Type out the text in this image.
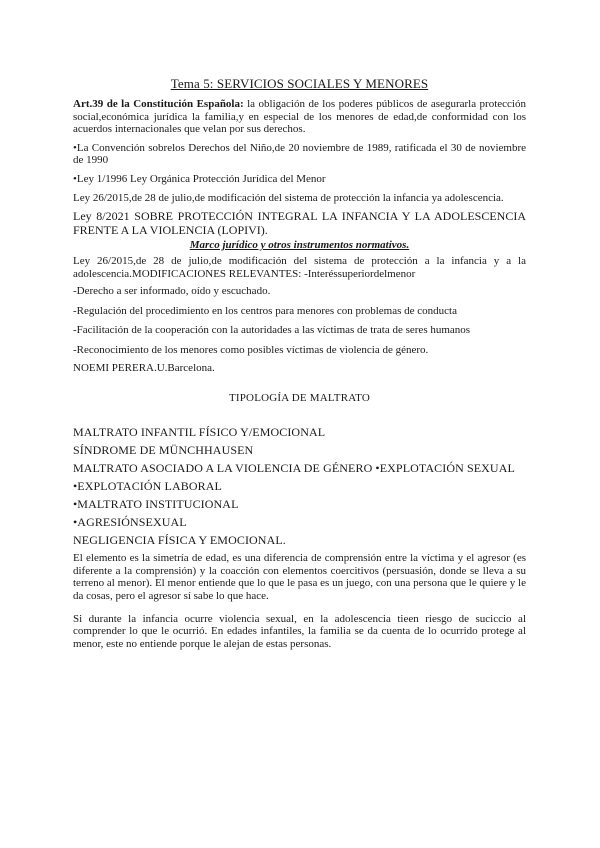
Tema 5: SERVICIOS SOCIALES Y MENORES

Art.39 de la Constitución Española: la obligación de los poderes públicos de asegurarla protección social,económica jurídica la familia,y en especial de los menores de edad,de conformidad con los acuerdos internacionales que velan por sus derechos.

•La Convención sobrelos Derechos del Niño,de 20 noviembre de 1989, ratificada el 30 de noviembre de 1990

•Ley 1/1996 Ley Orgánica Protección Jurídica del Menor

Ley 26/2015,de 28 de julio,de modificación del sistema de protección la infancia ya adolescencia.

Ley 8/2021 SOBRE PROTECCIÓN INTEGRAL LA INFANCIA Y LA ADOLESCENCIA FRENTE A LA VIOLENCIA (LOPIVI).

Marco jurídico y otros instrumentos normativos.

Ley 26/2015,de 28 de julio,de modificación del sistema de protección a la infancia y a la adolescencia.MODIFICACIONES RELEVANTES: -Interéssuperiordelmenor

-Derecho a ser informado, oído y escuchado.

-Regulación del procedimiento en los centros para menores con problemas de conducta

-Facilitación de la cooperación con la autoridades a las víctimas de trata de seres humanos

-Reconocimiento de los menores como posibles víctimas de violencia de género.

NOEMI PERERA.U.Barcelona.

TIPOLOGÍA DE MALTRATO
MALTRATO INFANTIL FÍSICO Y/EMOCIONAL
SÍNDROME DE MÜNCHHAUSEN
MALTRATO ASOCIADO A LA VIOLENCIA DE GÉNERO •EXPLOTACIÓN SEXUAL
•EXPLOTACIÓN LABORAL
•MALTRATO INSTITUCIONAL
•AGRESIÓNSEXUAL
NEGLIGENCIA FÍSICA Y EMOCIONAL.

El elemento es la simetría de edad, es una diferencia de comprensión entre la víctima y el agresor (es diferente a la comprensión) y la coacción con elementos coercitivos (persuasión, donde se lleva a su terreno al menor). El menor entiende que lo que le pasa es un juego, con una persona que le quiere y le da cosas, pero el agresor sí sabe lo que hace.

Si durante la infancia ocurre violencia sexual, en la adolescencia tieen riesgo de suciccio al comprender lo que le ocurrió. En edades infantiles, la familia se da cuenta de lo ocurrido protege al menor, este no entiende porque le alejan de estas personas.
